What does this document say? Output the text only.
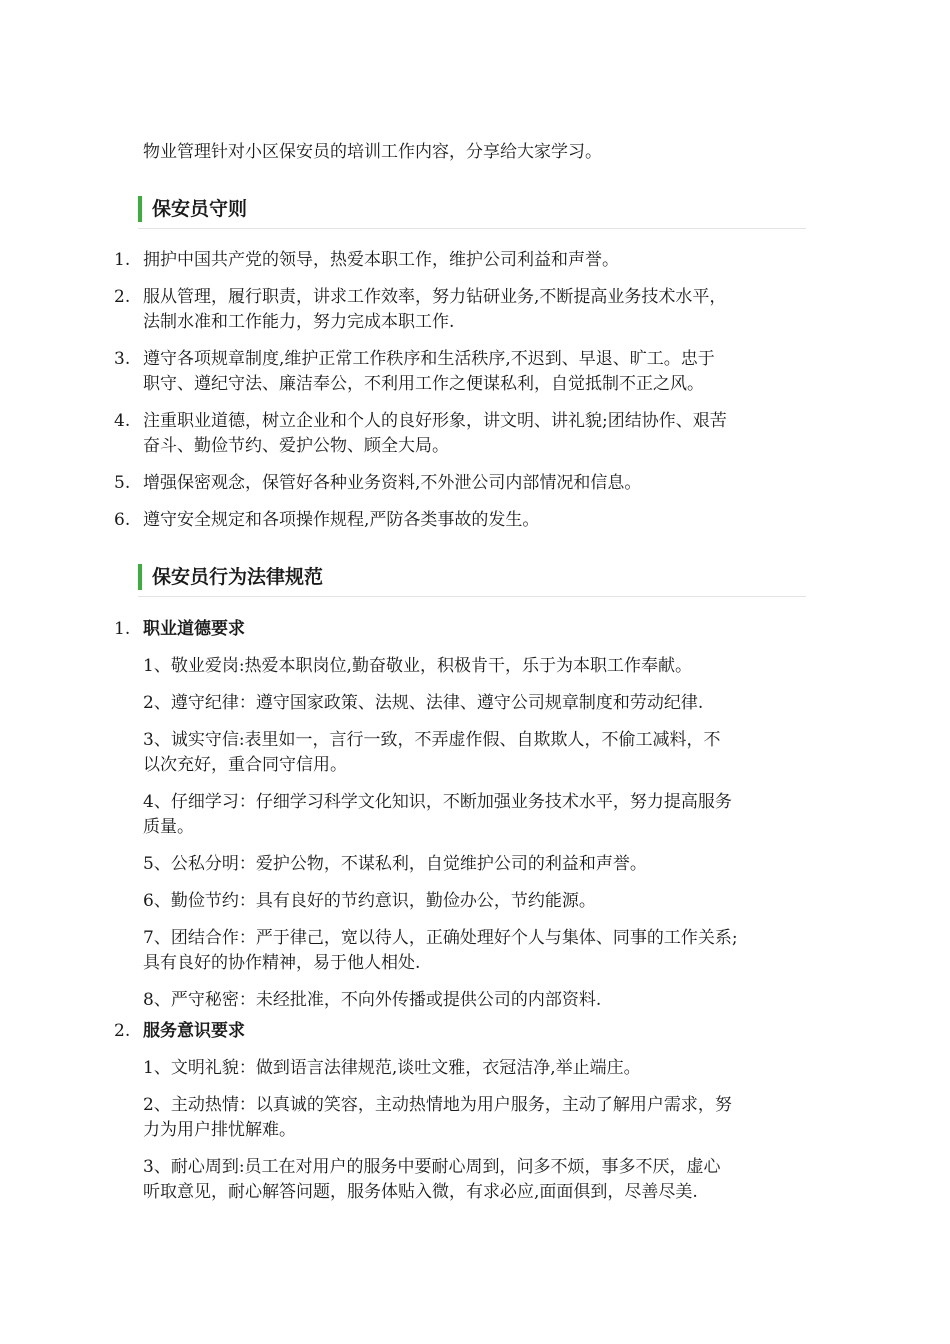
物业管理针对小区保安员的培训工作内容，分享给大家学习。
保安员守则
1. 拥护中国共产党的领导，热爱本职工作，维护公司利益和声誉。
2. 服从管理，履行职责，讲求工作效率，努力钻研业务,不断提高业务技术水平，
法制水准和工作能力，努力完成本职工作.
3. 遵守各项规章制度,维护正常工作秩序和生活秩序,不迟到、早退、旷工。忠于
职守、遵纪守法、廉洁奉公，不利用工作之便谋私利，自觉抵制不正之风。
4. 注重职业道德，树立企业和个人的良好形象，讲文明、讲礼貌;团结协作、艰苦
奋斗、勤俭节约、爱护公物、顾全大局。
5. 增强保密观念，保管好各种业务资料,不外泄公司内部情况和信息。
6. 遵守安全规定和各项操作规程,严防各类事故的发生。
保安员行为法律规范
1. 职业道德要求
1、敬业爱岗:热爱本职岗位,勤奋敬业，积极肯干，乐于为本职工作奉献。
2、遵守纪律：遵守国家政策、法规、法律、遵守公司规章制度和劳动纪律.
3、诚实守信:表里如一，言行一致，不弄虚作假、自欺欺人，不偷工减料，不
以次充好，重合同守信用。
4、仔细学习：仔细学习科学文化知识，不断加强业务技术水平，努力提高服务
质量。
5、公私分明：爱护公物，不谋私利，自觉维护公司的利益和声誉。
6、勤俭节约：具有良好的节约意识，勤俭办公，节约能源。
7、团结合作：严于律己，宽以待人，正确处理好个人与集体、同事的工作关系;
具有良好的协作精神，易于他人相处.
8、严守秘密：未经批准，不向外传播或提供公司的内部资料.
2. 服务意识要求
1、文明礼貌：做到语言法律规范,谈吐文雅，衣冠洁净,举止端庄。
2、主动热情：以真诚的笑容，主动热情地为用户服务，主动了解用户需求，努
力为用户排忧解难。
3、耐心周到:员工在对用户的服务中要耐心周到，问多不烦，事多不厌，虚心
听取意见，耐心解答问题，服务体贴入微，有求必应,面面俱到，尽善尽美.
